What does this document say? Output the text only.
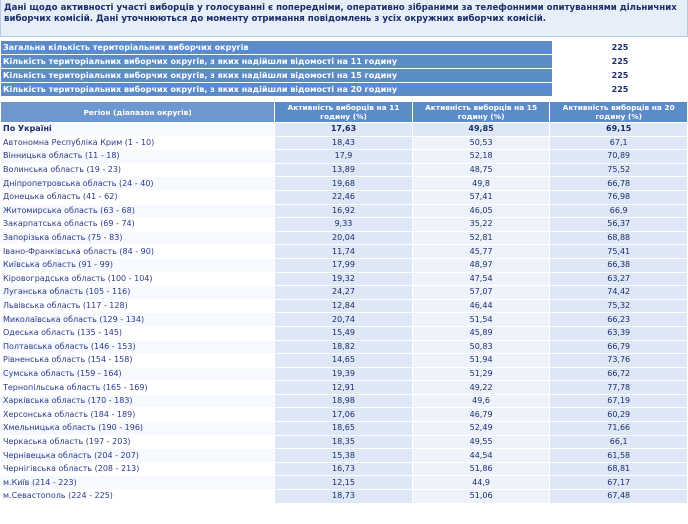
Дані щодо активності участі виборців у голосуванні є попередніми, оперативно зібраними за телефонними опитуваннями дільничних виборчих комісій. Дані уточнюються до моменту отримання повідомлень з усіх окружних виборчих комісій.
Загальна кількість територіальних виборчих округів	225
Кількість територіальних виборчих округів, з яких надійшли відомості на 11 годину	225
Кількість територіальних виборчих округів, з яких надійшли відомості на 15 годину	225
Кількість територіальних виборчих округів, з яких надійшли відомості на 20 годину	225
Регіон (діапазон округів)	Активність виборців на 11 годину (%)	Активність виборців на 15 годину (%)	Активність виборців на 20 годину (%)
По Україні	17,63	49,85	69,15
Автономна Республіка Крим (1 - 10)	18,43	50,53	67,1
Вінницька область (11 - 18)	17,9	52,18	70,89
Волинська область (19 - 23)	13,89	48,75	75,52
Дніпропетровська область (24 - 40)	19,68	49,8	66,78
Донецька область (41 - 62)	22,46	57,41	76,98
Житомирська область (63 - 68)	16,92	46,05	66,9
Закарпатська область (69 - 74)	9,33	35,22	56,37
Запорізька область (75 - 83)	20,04	52,81	68,88
Івано-Франківська область (84 - 90)	11,74	45,77	75,41
Київська область (91 - 99)	17,99	48,97	66,38
Кіровоградська область (100 - 104)	19,32	47,54	63,27
Луганська область (105 - 116)	24,27	57,07	74,42
Львівська область (117 - 128)	12,84	46,44	75,32
Миколаївська область (129 - 134)	20,74	51,54	66,23
Одеська область (135 - 145)	15,49	45,89	63,39
Полтавська область (146 - 153)	18,82	50,83	66,79
Рівненська область (154 - 158)	14,65	51,94	73,76
Сумська область (159 - 164)	19,39	51,29	66,72
Тернопільська область (165 - 169)	12,91	49,22	77,78
Харківська область (170 - 183)	18,98	49,6	67,19
Херсонська область (184 - 189)	17,06	46,79	60,29
Хмельницька область (190 - 196)	18,65	52,49	71,66
Черкаська область (197 - 203)	18,35	49,55	66,1
Чернівецька область (204 - 207)	15,38	44,54	61,58
Чернігівська область (208 - 213)	16,73	51,86	68,81
м.Київ (214 - 223)	12,15	44,9	67,17
м.Севастополь (224 - 225)	18,73	51,06	67,48
